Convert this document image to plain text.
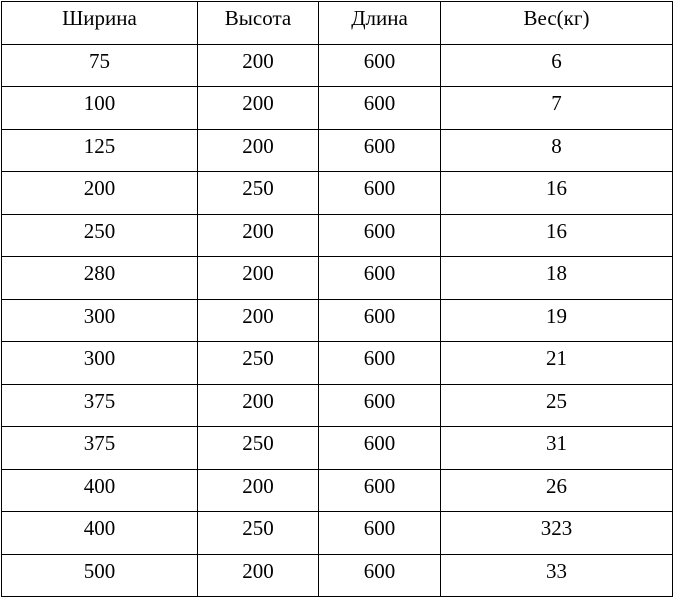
Ширина	Высота	Длина	Вес(кг)
75	200	600	6
100	200	600	7
125	200	600	8
200	250	600	16
250	200	600	16
280	200	600	18
300	200	600	19
300	250	600	21
375	200	600	25
375	250	600	31
400	200	600	26
400	250	600	323
500	200	600	33
